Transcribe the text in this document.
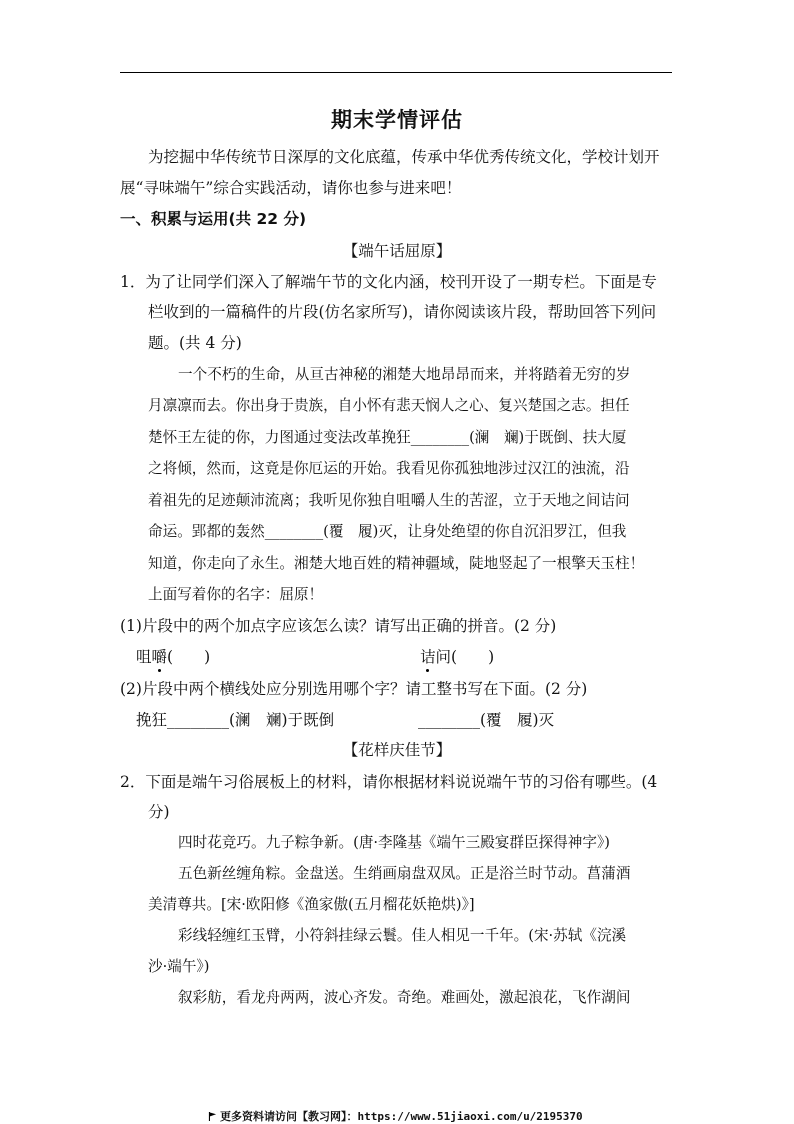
期末学情评估
为挖掘中华传统节日深厚的文化底蕴，传承中华优秀传统文化，学校计划开
展“寻味端午”综合实践活动，请你也参与进来吧！
一、积累与运用(共 22 分)
【端午话屈原】
1．为了让同学们深入了解端午节的文化内涵，校刊开设了一期专栏。下面是专
栏收到的一篇稿件的片段(仿名家所写)，请你阅读该片段，帮助回答下列问
题。(共 4 分)
一个不朽的生命，从亘古神秘的湘楚大地昂昂而来，并将踏着无穷的岁
月凛凛而去。你出身于贵族，自小怀有悲天悯人之心、复兴楚国之志。担任
楚怀王左徒的你，力图通过变法改革挽狂________(澜　斓)于既倒、扶大厦
之将倾，然而，这竟是你厄运的开始。我看见你孤独地涉过汉江的浊流，沿
着祖先的足迹颠沛流离；我听见你独自咀嚼人生的苦涩，立于天地之间诘问
命运。郢都的轰然________(覆　履)灭，让身处绝望的你自沉汨罗江，但我
知道，你走向了永生。湘楚大地百姓的精神疆域，陡地竖起了一根擎天玉柱！
上面写着你的名字：屈原！
(1)片段中的两个加点字应该怎么读？请写出正确的拼音。(2 分)
咀嚼(　　)	诘问(　　)
(2)片段中两个横线处应分别选用哪个字？请工整书写在下面。(2 分)
挽狂________(澜　斓)于既倒	________(覆　履)灭
【花样庆佳节】
2．下面是端午习俗展板上的材料，请你根据材料说说端午节的习俗有哪些。(4
分)
四时花竞巧。九子粽争新。(唐·李隆基《端午三殿宴群臣探得神字》)
五色新丝缠角粽。金盘送。生绡画扇盘双凤。正是浴兰时节动。菖蒲酒
美清尊共。[宋·欧阳修《渔家傲(五月榴花妖艳烘)》]
彩线轻缠红玉臂，小符斜挂绿云鬟。佳人相见一千年。(宋·苏轼《浣溪
沙·端午》)
叙彩舫，看龙舟两两，波心齐发。奇绝。难画处，激起浪花，飞作湖间
更多资料请访问【教习网】：https://www.51jiaoxi.com/u/2195370
